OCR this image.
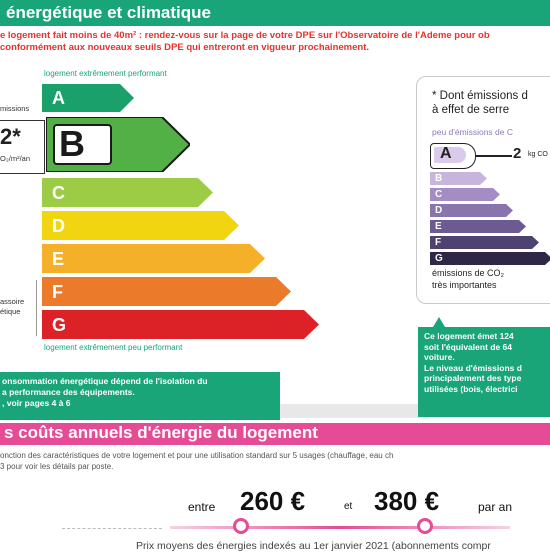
énergétique et climatique
e logement fait moins de 40m² : rendez-vous sur la page de votre DPE sur l'Observatoire de l'Ademe pour ob
conformément aux nouveaux seuils DPE qui entreront en vigueur prochainement.
logement extrêmement performant
missions
2*
O₂/m²/an
assoire
étique
A
B
C
D
E
F
G
logement extrêmement peu performant
* Dont émissions d
à effet de serre
peu d'émissions de C
A	2 kg CO
B
C
D
E
F
G
émissions de CO₂
très importantes
onsommation énergétique dépend de l'isolation du
a performance des équipements.
, voir pages 4 à 6
Ce logement émet 124
soit l'équivalent de 64
voiture.
Le niveau d'émissions d
principalement des type
utilisées (bois, électrici
s coûts annuels d'énergie du logement
onction des caractéristiques de votre logement et pour une utilisation standard sur 5 usages (chauffage, eau ch
3 pour voir les détails par poste.
entre 260 €	et 380 €	par an
Prix moyens des énergies indexés au 1er janvier 2021 (abonnements compr
